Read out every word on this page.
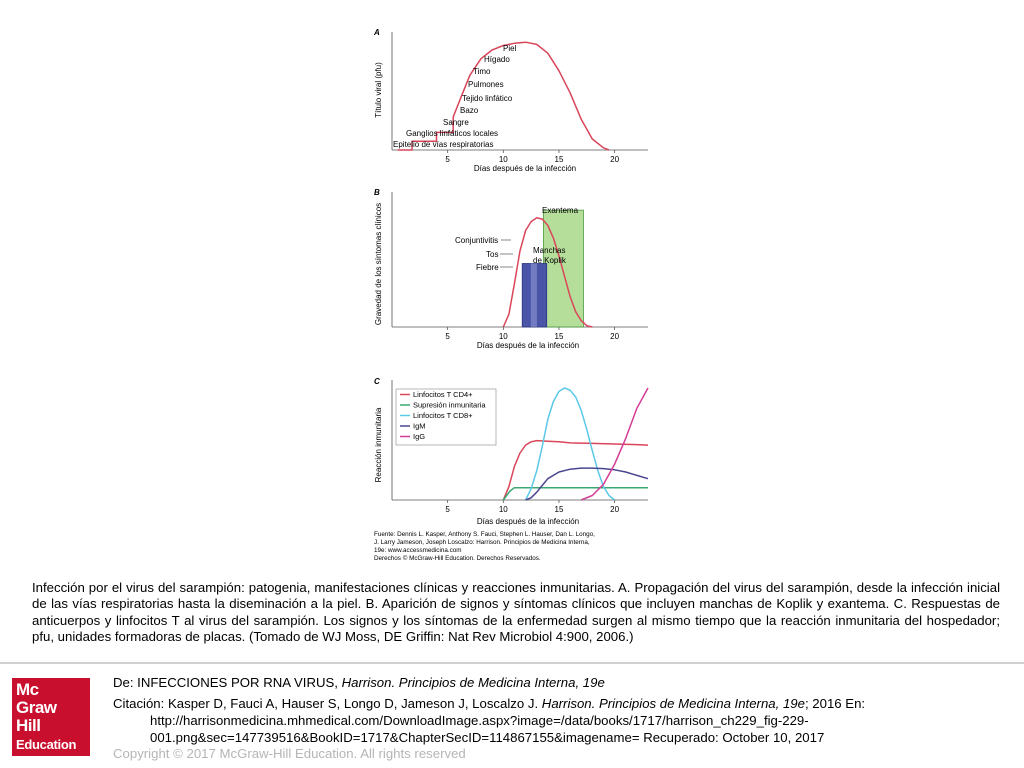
A
Título viral (pfu)
Días después de la infección
5	10	15	20
Piel
Hígado
Timo
Pulmones
Tejido linfático
Bazo
Sangre
Ganglios linfáticos locales
Epitelio de vías respiratorias
B
Gravedad de los síntomas clínicos
Días después de la infección
5	10	15	20
Exantema
Conjuntivitis
Tos
Fiebre
Manchas
de Koplik
C
Reacción inmunitaria
Días después de la infección
5	10	15	20
Linfocitos T CD4+
Supresión inmunitaria
Linfocitos T CD8+
IgM
IgG
Fuente: Dennis L. Kasper, Anthony S. Fauci, Stephen L. Hauser, Dan L. Longo,
J. Larry Jameson, Joseph Loscalzo: Harrison. Principios de Medicina Interna,
19e: www.accessmedicina.com
Derechos © McGraw-Hill Education. Derechos Reservados.
Infección por el virus del sarampión: patogenia, manifestaciones clínicas y reacciones inmunitarias. A. Propagación del virus del sarampión, desde la infección inicial de las vías respiratorias hasta la diseminación a la piel. B. Aparición de signos y síntomas clínicos que incluyen manchas de Koplik y exantema. C. Respuestas de anticuerpos y linfocitos T al virus del sarampión. Los signos y los síntomas de la enfermedad surgen al mismo tiempo que la reacción inmunitaria del hospedador; pfu, unidades formadoras de placas. (Tomado de WJ Moss, DE Griffin: Nat Rev Microbiol 4:900, 2006.)
Mc
Graw
Hill
Education
De: INFECCIONES POR RNA VIRUS, Harrison. Principios de Medicina Interna, 19e
Citación: Kasper D, Fauci A, Hauser S, Longo D, Jameson J, Loscalzo J. Harrison. Principios de Medicina Interna, 19e; 2016 En:
http://harrisonmedicina.mhmedical.com/DownloadImage.aspx?image=/data/books/1717/harrison_ch229_fig-229-
001.png&sec=147739516&BookID=1717&ChapterSecID=114867155&imagename= Recuperado: October 10, 2017
Copyright © 2017 McGraw-Hill Education. All rights reserved
